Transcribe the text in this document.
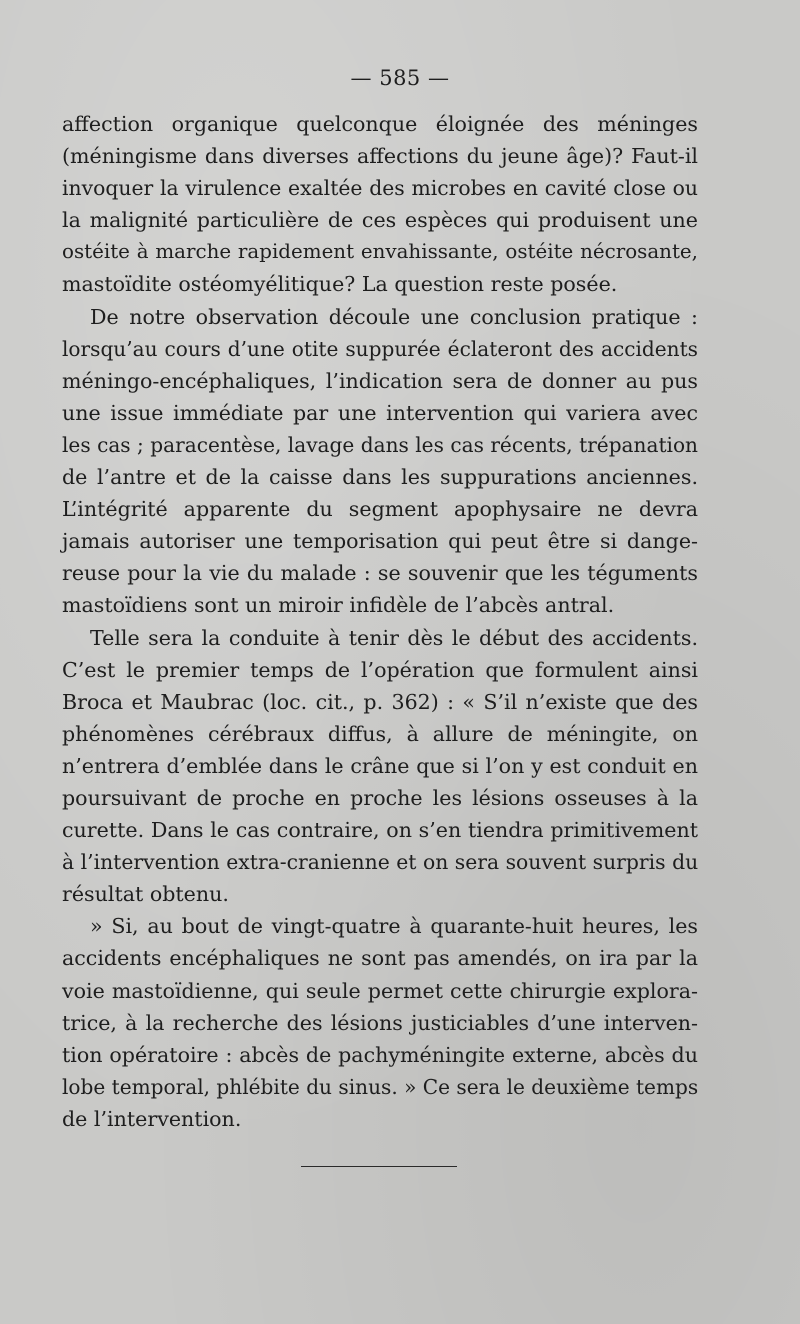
— 585 —
affection organique quelconque éloignée des méninges
(méningisme dans diverses affections du jeune âge)? Faut-il
invoquer la virulence exaltée des microbes en cavité close ou
la malignité particulière de ces espèces qui produisent une
ostéite à marche rapidement envahissante, ostéite nécrosante,
mastoïdite ostéomyélitique? La question reste posée.
De notre observation découle une conclusion pratique :
lorsqu’au cours d’une otite suppurée éclateront des accidents
méningo-encéphaliques, l’indication sera de donner au pus
une issue immédiate par une intervention qui variera avec
les cas ; paracentèse, lavage dans les cas récents, trépanation
de l’antre et de la caisse dans les suppurations anciennes.
L’intégrité apparente du segment apophysaire ne devra
jamais autoriser une temporisation qui peut être si dange-
reuse pour la vie du malade : se souvenir que les téguments
mastoïdiens sont un miroir infidèle de l’abcès antral.
Telle sera la conduite à tenir dès le début des accidents.
C’est le premier temps de l’opération que formulent ainsi
Broca et Maubrac (loc. cit., p. 362) : « S’il n’existe que des
phénomènes cérébraux diffus, à allure de méningite, on
n’entrera d’emblée dans le crâne que si l’on y est conduit en
poursuivant de proche en proche les lésions osseuses à la
curette. Dans le cas contraire, on s’en tiendra primitivement
à l’intervention extra-cranienne et on sera souvent surpris du
résultat obtenu.
» Si, au bout de vingt-quatre à quarante-huit heures, les
accidents encéphaliques ne sont pas amendés, on ira par la
voie mastoïdienne, qui seule permet cette chirurgie explora-
trice, à la recherche des lésions justiciables d’une interven-
tion opératoire : abcès de pachyméningite externe, abcès du
lobe temporal, phlébite du sinus. » Ce sera le deuxième temps
de l’intervention.
